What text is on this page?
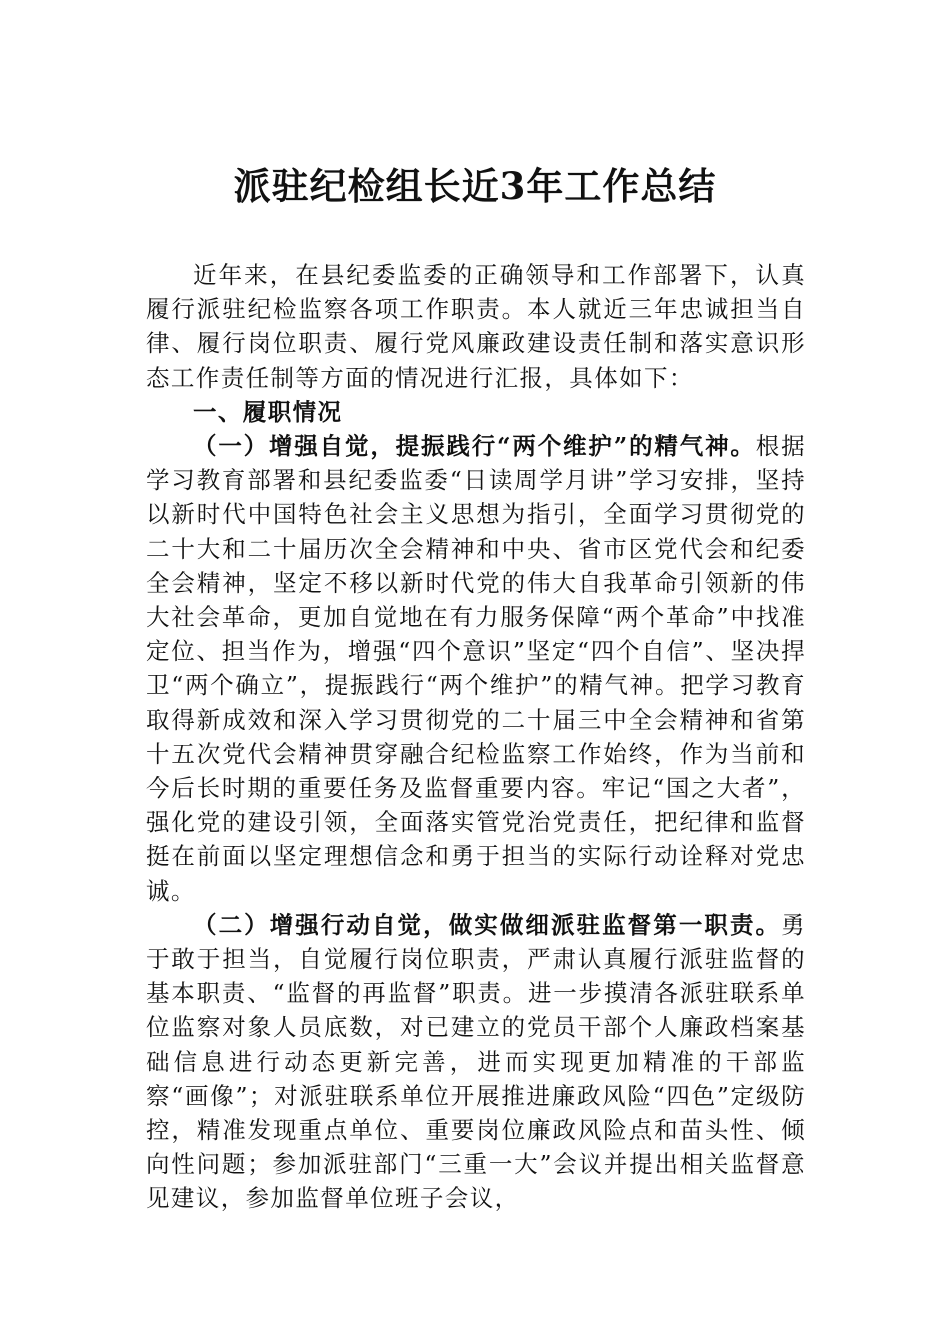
派驻纪检组长近3年工作总结

近年来，在县纪委监委的正确领导和工作部署下，认真履行派驻纪检监察各项工作职责。本人就近三年忠诚担当自律、履行岗位职责、履行党风廉政建设责任制和落实意识形态工作责任制等方面的情况进行汇报，具体如下：

一、履职情况

（一）增强自觉，提振践行“两个维护”的精气神。根据学习教育部署和县纪委监委“日读周学月讲”学习安排，坚持以新时代中国特色社会主义思想为指引，全面学习贯彻党的二十大和二十届历次全会精神和中央、省市区党代会和纪委全会精神，坚定不移以新时代党的伟大自我革命引领新的伟大社会革命，更加自觉地在有力服务保障“两个革命”中找准定位、担当作为，增强“四个意识”坚定“四个自信”、坚决捍卫“两个确立”，提振践行“两个维护”的精气神。把学习教育取得新成效和深入学习贯彻党的二十届三中全会精神和省第十五次党代会精神贯穿融合纪检监察工作始终，作为当前和今后长时期的重要任务及监督重要内容。牢记“国之大者”，强化党的建设引领，全面落实管党治党责任，把纪律和监督挺在前面以坚定理想信念和勇于担当的实际行动诠释对党忠诚。

（二）增强行动自觉，做实做细派驻监督第一职责。勇于敢于担当，自觉履行岗位职责，严肃认真履行派驻监督的基本职责、“监督的再监督”职责。进一步摸清各派驻联系单位监察对象人员底数，对已建立的党员干部个人廉政档案基础信息进行动态更新完善，进而实现更加精准的干部监察“画像”；对派驻联系单位开展推进廉政风险“四色”定级防控，精准发现重点单位、重要岗位廉政风险点和苗头性、倾向性问题；参加派驻部门“三重一大”会议并提出相关监督意见建议，参加监督单位班子会议，
